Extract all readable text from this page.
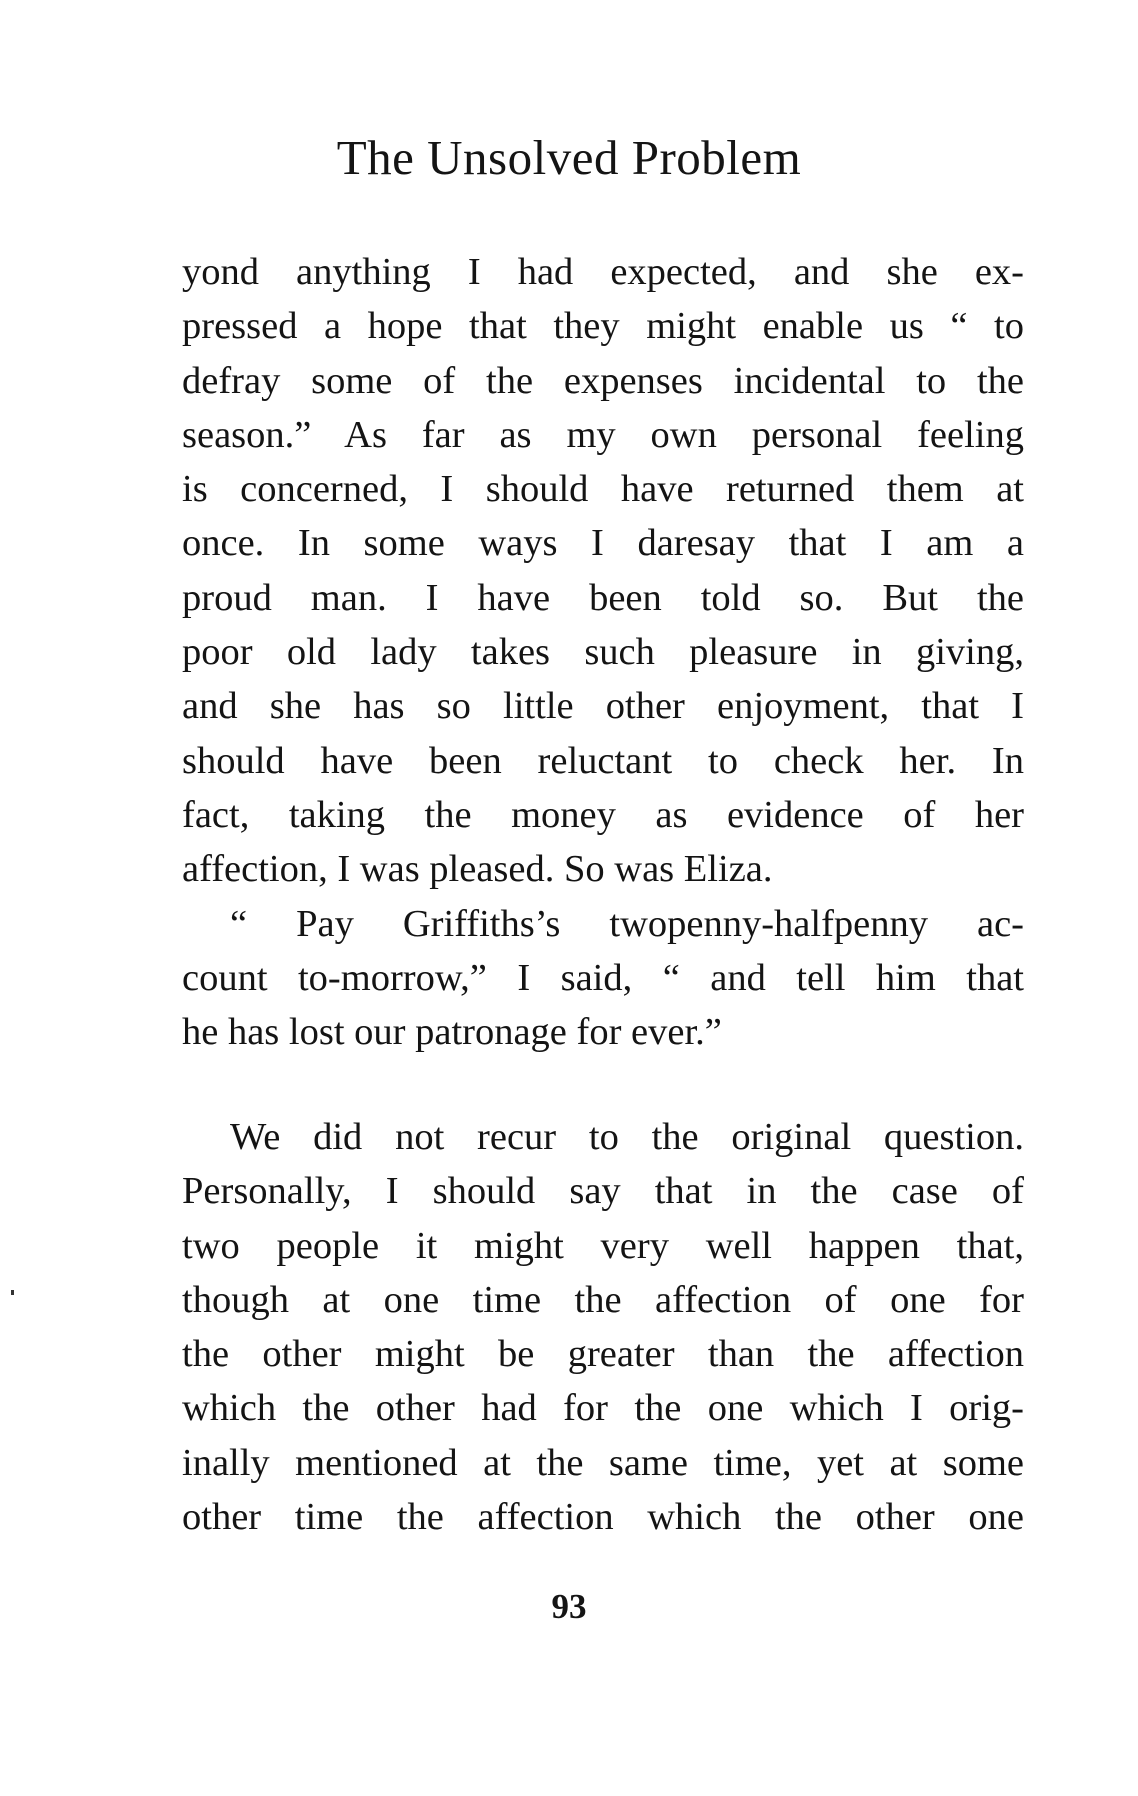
The Unsolved Problem
yond anything I had expected, and she ex-
pressed a hope that they might enable us “ to
defray some of the expenses incidental to the
season.” As far as my own personal feeling
is concerned, I should have returned them at
once. In some ways I daresay that I am a
proud man. I have been told so. But the
poor old lady takes such pleasure in giving,
and she has so little other enjoyment, that I
should have been reluctant to check her. In
fact, taking the money as evidence of her
affection, I was pleased. So was Eliza.
“ Pay Griffiths’s twopenny-halfpenny ac-
count to-morrow,” I said, “ and tell him that
he has lost our patronage for ever.”
We did not recur to the original question.
Personally, I should say that in the case of
two people it might very well happen that,
though at one time the affection of one for
the other might be greater than the affection
which the other had for the one which I orig-
inally mentioned at the same time, yet at some
other time the affection which the other one
93
